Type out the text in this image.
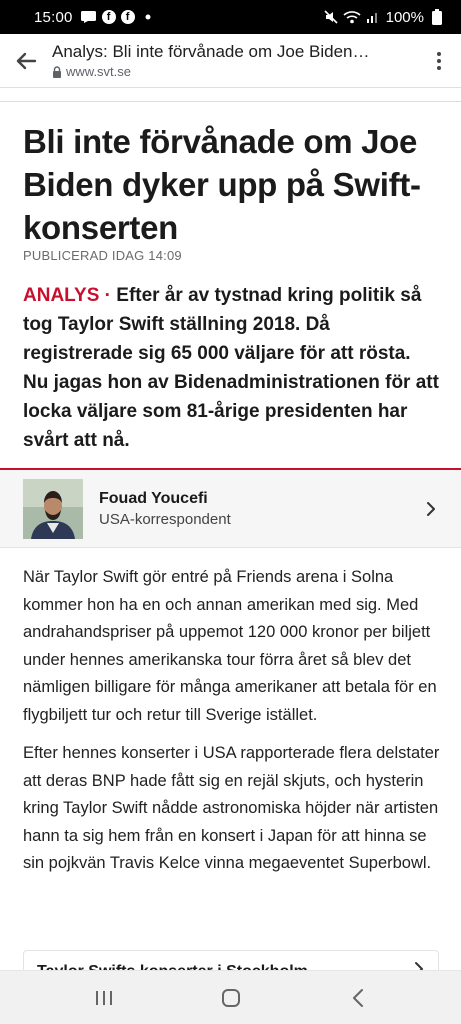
15:00	f	f	100%
Analys: Bli inte förvånade om Joe Biden…
www.svt.se
Bli inte förvånade om Joe Biden dyker upp på Swift-konserten
PUBLICERAD IDAG 14:09

ANALYS · Efter år av tystnad kring politik så tog Taylor Swift ställning 2018. Då registrerade sig 65 000 väljare för att rösta. Nu jagas hon av Bidenadministrationen för att locka väljare som 81-årige presidenten har svårt att nå.

Fouad Youcefi
USA-korrespondent

När Taylor Swift gör entré på Friends arena i Solna kommer hon ha en och annan amerikan med sig. Med andrahandspriser på uppemot 120 000 kronor per biljett under hennes amerikanska tour förra året så blev det nämligen billigare för många amerikaner att betala för en flygbiljett tur och retur till Sverige istället.

Efter hennes konserter i USA rapporterade flera delstater att deras BNP hade fått sig en rejäl skjuts, och hysterin kring Taylor Swift nådde astronomiska höjder när artisten hann ta sig hem från en konsert i Japan för att hinna se sin pojkvän Travis Kelce vinna megaeventet Superbowl.
